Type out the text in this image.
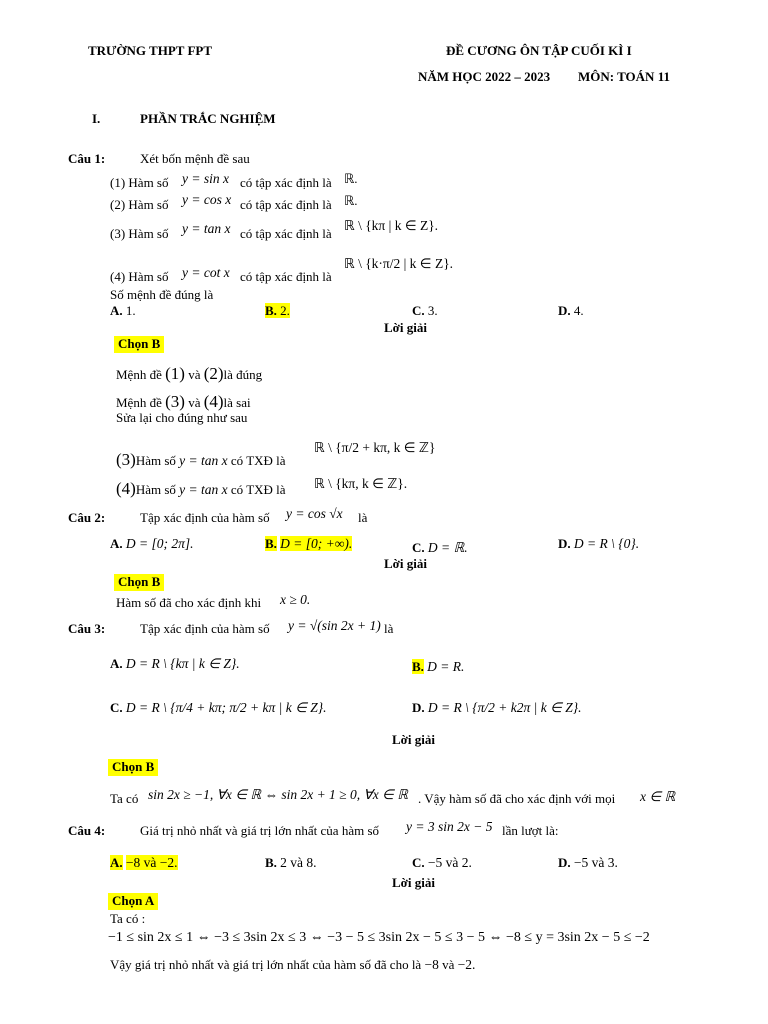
TRƯỜNG THPT FPT	ĐỀ CƯƠNG ÔN TẬP CUỐI KÌ I
NĂM HỌC 2022 – 2023 MÔN: TOÁN 11
I.	PHẦN TRẮC NGHIỆM
Câu 1:	Xét bốn mệnh đề sau
(1) Hàm số y = sin x có tập xác định là ℝ.
(2) Hàm số y = cos x có tập xác định là ℝ.
(3) Hàm số y = tan x có tập xác định là
ℝ \ {kπ | k ∈ Z}.
(4) Hàm số y = cot x có tập xác định là
ℝ \ {k·π/2 | k ∈ Z}.
Số mệnh đề đúng là
A. 1.	B. 2.	C. 3.	D. 4.
Lời giải
Chọn B
Mệnh đề (1) và (2)là đúng
Mệnh đề (3) và (4)là sai
Sửa lại cho đúng như sau
(3)Hàm số y = tan x có TXĐ là
ℝ \ {π/2 + kπ, k ∈ ℤ}
(4)Hàm số y = tan x có TXĐ là ℝ \ {kπ, k ∈ ℤ}.
Câu 2:	Tập xác định của hàm số y = cos √x là
A. D = [0; 2π].	B. D = [0; +∞).	C. D = ℝ.	D. D = R \ {0}.
Lời giải
Chọn B
Hàm số đã cho xác định khi x ≥ 0.
Câu 3:	Tập xác định của hàm số y = √(sin 2x + 1) là
A. D = R \ {kπ | k ∈ Z}.	B. D = R.
C. D = R \ {π/4 + kπ; π/2 + kπ | k ∈ Z}.	D. D = R \ {π/2 + k2π | k ∈ Z}.
Lời giải
Chọn B
Ta có sin 2x ≥ −1, ∀x ∈ ℝ ⇔ sin 2x + 1 ≥ 0, ∀x ∈ ℝ . Vậy hàm số đã cho xác định với mọi x ∈ ℝ
Câu 4:	Giá trị nhỏ nhất và giá trị lớn nhất của hàm số y = 3 sin 2x − 5 lần lượt là:
A. −8 và −2.	B. 2 và 8.	C. −5 và 2.	D. −5 và 3.
Lời giải
Chọn A
Ta có :
−1 ≤ sin 2x ≤ 1 ⇔ −3 ≤ 3sin 2x ≤ 3 ⇔ −3 − 5 ≤ 3sin 2x − 5 ≤ 3 − 5 ⇔ −8 ≤ y = 3sin 2x − 5 ≤ −2
Vậy giá trị nhỏ nhất và giá trị lớn nhất của hàm số đã cho là −8 và −2.
